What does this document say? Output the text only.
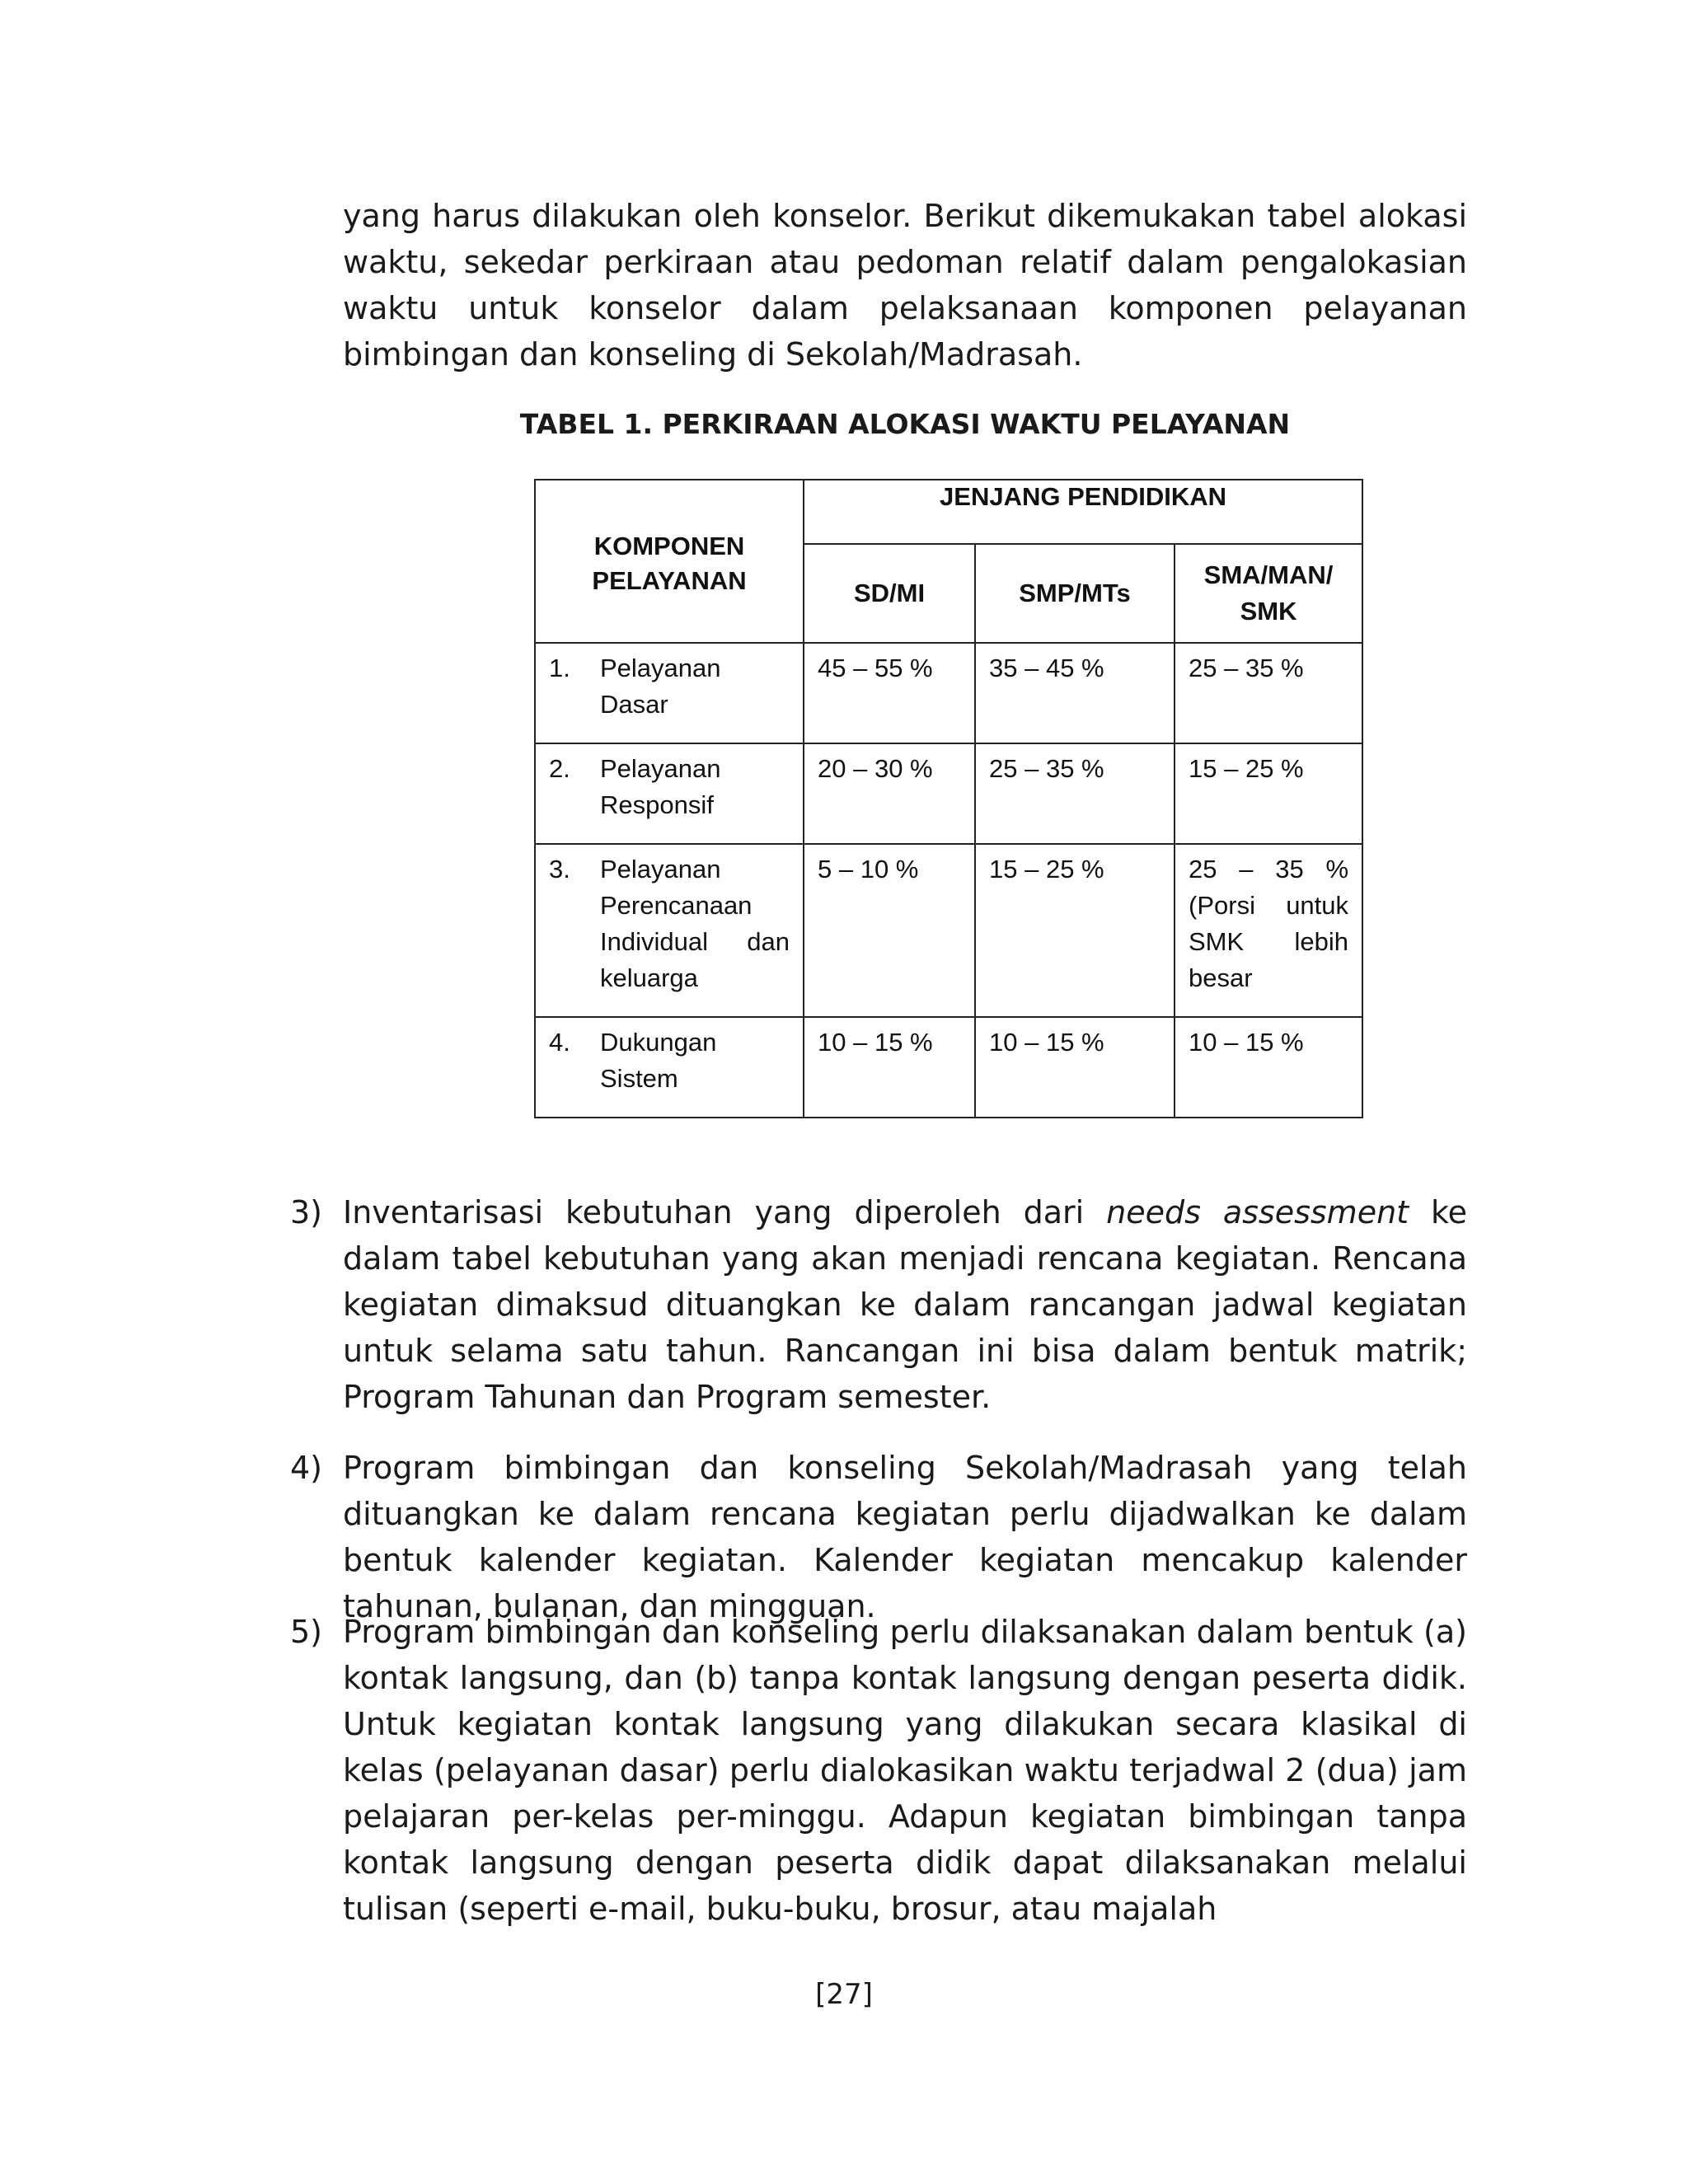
yang harus dilakukan oleh konselor. Berikut dikemukakan tabel alokasi waktu, sekedar perkiraan atau pedoman relatif dalam pengalokasian waktu untuk konselor dalam pelaksanaan komponen pelayanan bimbingan dan konseling di Sekolah/Madrasah.
TABEL 1. PERKIRAAN ALOKASI WAKTU PELAYANAN
KOMPONEN PELAYANAN	JENJANG PENDIDIKAN		
	SD/MI	SMP/MTs	SMA/MAN/ SMK

1. Pelayanan Dasar	45 – 55 %	35 – 45 %	25 – 35 %

2. Pelayanan Responsif	20 – 30 %	25 – 35 %	15 – 25 %

3. Pelayanan Perencanaan Individual dan keluarga	5 – 10 %	15 – 25 %	25 – 35 % (Porsi untuk SMK lebih besar

4. Dukungan Sistem	10 – 15 %	10 – 15 %	10 – 15 %
3) Inventarisasi kebutuhan yang diperoleh dari needs assessment ke dalam tabel kebutuhan yang akan menjadi rencana kegiatan. Rencana kegiatan dimaksud dituangkan ke dalam rancangan jadwal kegiatan untuk selama satu tahun. Rancangan ini bisa dalam bentuk matrik; Program Tahunan dan Program semester.

4) Program bimbingan dan konseling Sekolah/Madrasah yang telah dituangkan ke dalam rencana kegiatan perlu dijadwalkan ke dalam bentuk kalender kegiatan. Kalender kegiatan mencakup kalender tahunan, bulanan, dan mingguan.

5) Program bimbingan dan konseling perlu dilaksanakan dalam bentuk (a) kontak langsung, dan (b) tanpa kontak langsung dengan peserta didik. Untuk kegiatan kontak langsung yang dilakukan secara klasikal di kelas (pelayanan dasar) perlu dialokasikan waktu terjadwal 2 (dua) jam pelajaran per-kelas per-minggu. Adapun kegiatan bimbingan tanpa kontak langsung dengan peserta didik dapat dilaksanakan melalui tulisan (seperti e-mail, buku-buku, brosur, atau majalah

[27]
